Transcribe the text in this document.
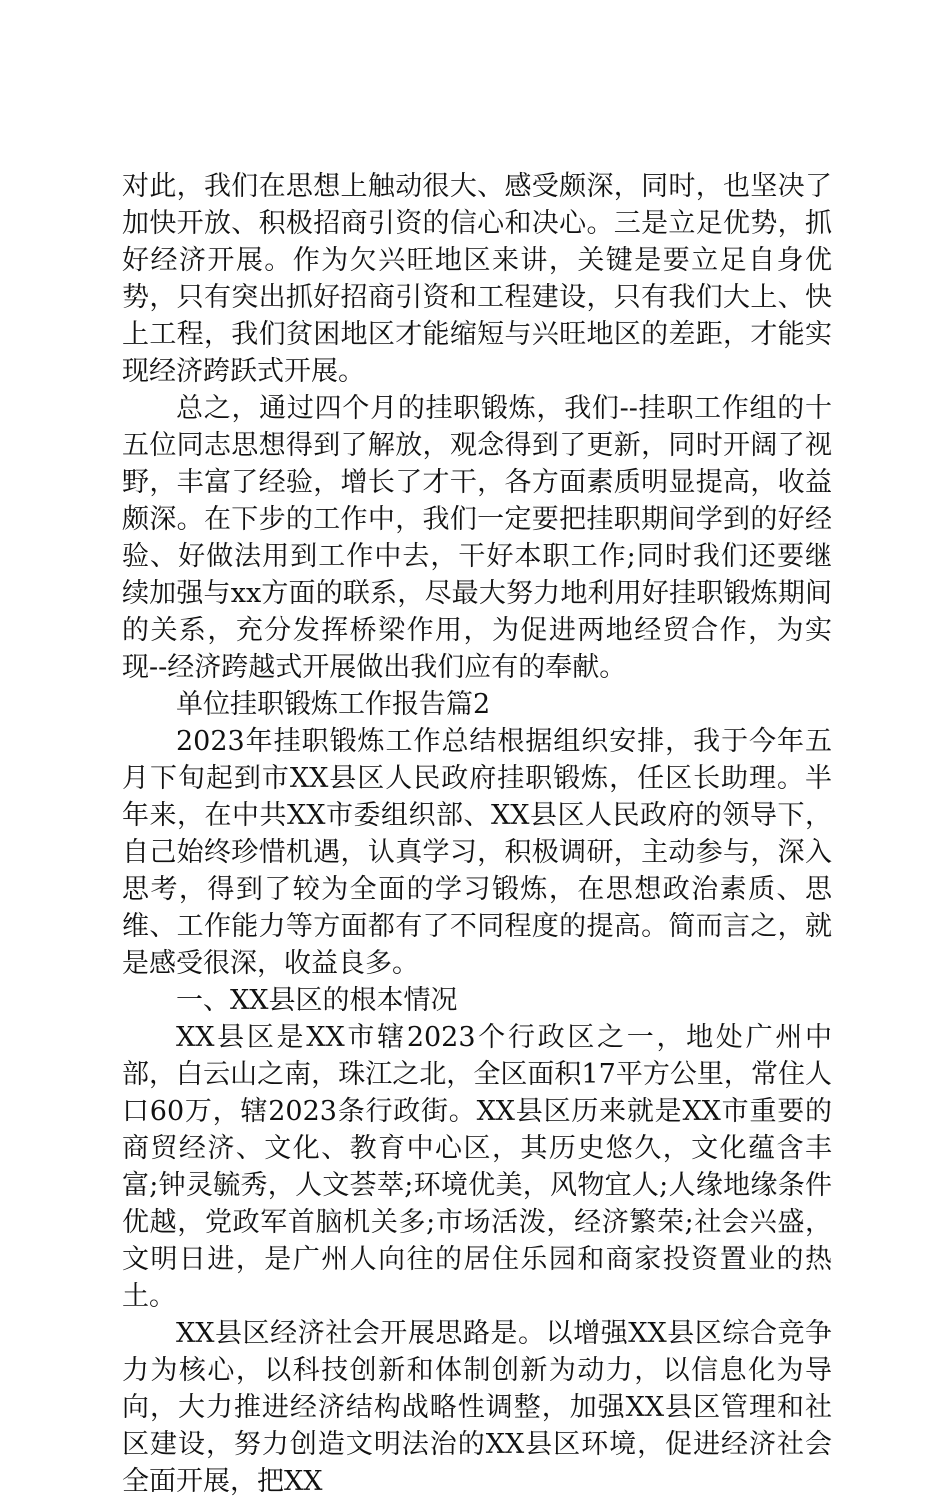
对此，我们在思想上触动很大、感受颇深，同时，也坚决了加快开放、积极招商引资的信心和决心。三是立足优势，抓好经济开展。作为欠兴旺地区来讲，关键是要立足自身优势，只有突出抓好招商引资和工程建设，只有我们大上、快上工程，我们贫困地区才能缩短与兴旺地区的差距，才能实现经济跨跃式开展。

总之，通过四个月的挂职锻炼，我们--挂职工作组的十五位同志思想得到了解放，观念得到了更新，同时开阔了视野，丰富了经验，增长了才干，各方面素质明显提高，收益颇深。在下步的工作中，我们一定要把挂职期间学到的好经验、好做法用到工作中去，干好本职工作;同时我们还要继续加强与xx方面的联系，尽最大努力地利用好挂职锻炼期间的关系，充分发挥桥梁作用，为促进两地经贸合作，为实现--经济跨越式开展做出我们应有的奉献。

单位挂职锻炼工作报告篇2

2023年挂职锻炼工作总结根据组织安排，我于今年五月下旬起到市XX县区人民政府挂职锻炼，任区长助理。半年来，在中共XX市委组织部、XX县区人民政府的领导下，自己始终珍惜机遇，认真学习，积极调研，主动参与，深入思考，得到了较为全面的学习锻炼，在思想政治素质、思维、工作能力等方面都有了不同程度的提高。简而言之，就是感受很深，收益良多。

一、XX县区的根本情况

XX县区是XX市辖2023个行政区之一，地处广州中部，白云山之南，珠江之北，全区面积17平方公里，常住人口60万，辖2023条行政街。XX县区历来就是XX市重要的商贸经济、文化、教育中心区，其历史悠久，文化蕴含丰富;钟灵毓秀，人文荟萃;环境优美，风物宜人;人缘地缘条件优越，党政军首脑机关多;市场活泼，经济繁荣;社会兴盛，文明日进，是广州人向往的居住乐园和商家投资置业的热土。

XX县区经济社会开展思路是。以增强XX县区综合竞争力为核心，以科技创新和体制创新为动力，以信息化为导向，大力推进经济结构战略性调整，加强XX县区管理和社区建设，努力创造文明法治的XX县区环境，促进经济社会全面开展，把XX
